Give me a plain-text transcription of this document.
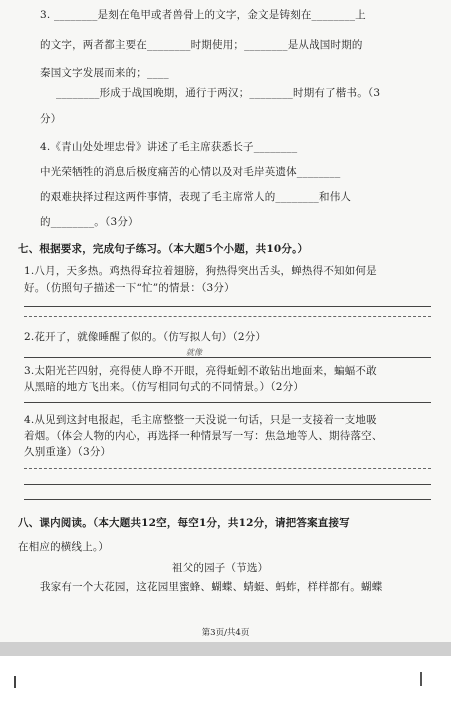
3. ________是刻在龟甲或者兽骨上的文字，金文是铸刻在________上
的文字，两者都主要在________时期使用；________是从战国时期的
秦国文字发展而来的；____
________形成于战国晚期，通行于两汉；________时期有了楷书。（3
分）
4.《青山处处埋忠骨》讲述了毛主席获悉长子________
中光荣牺牲的消息后极度痛苦的心情以及对毛岸英遗体________
的艰难抉择过程这两件事情，表现了毛主席常人的________和伟人
的________。（3分）
七、根据要求，完成句子练习。（本大题5个小题，共10分。）
1.八月，天多热。鸡热得耷拉着翅膀，狗热得突出舌头，蝉热得不知如何是
好。（仿照句子描述一下“忙”的情景：（3分）
2.花开了，就像睡醒了似的。（仿写拟人句）（2分）
就像
3.太阳光芒四射，亮得使人睁不开眼，亮得蚯蚓不敢钻出地面来，蝙蝠不敢
从黑暗的地方飞出来。（仿写相同句式的不同情景。）（2分）
4.从见到这封电报起，毛主席整整一天没说一句话，只是一支接着一支地吸
着烟。（体会人物的内心，再选择一种情景写一写：焦急地等人、期待落空、
久别重逢）（3分）
八、课内阅读。（本大题共12空，每空1分，共12分，请把答案直接写
在相应的横线上。）
祖父的园子（节选）
我家有一个大花园，这花园里蜜蜂、蝴蝶、蜻蜓、蚂蚱，样样都有。蝴蝶
第3页/共4页
